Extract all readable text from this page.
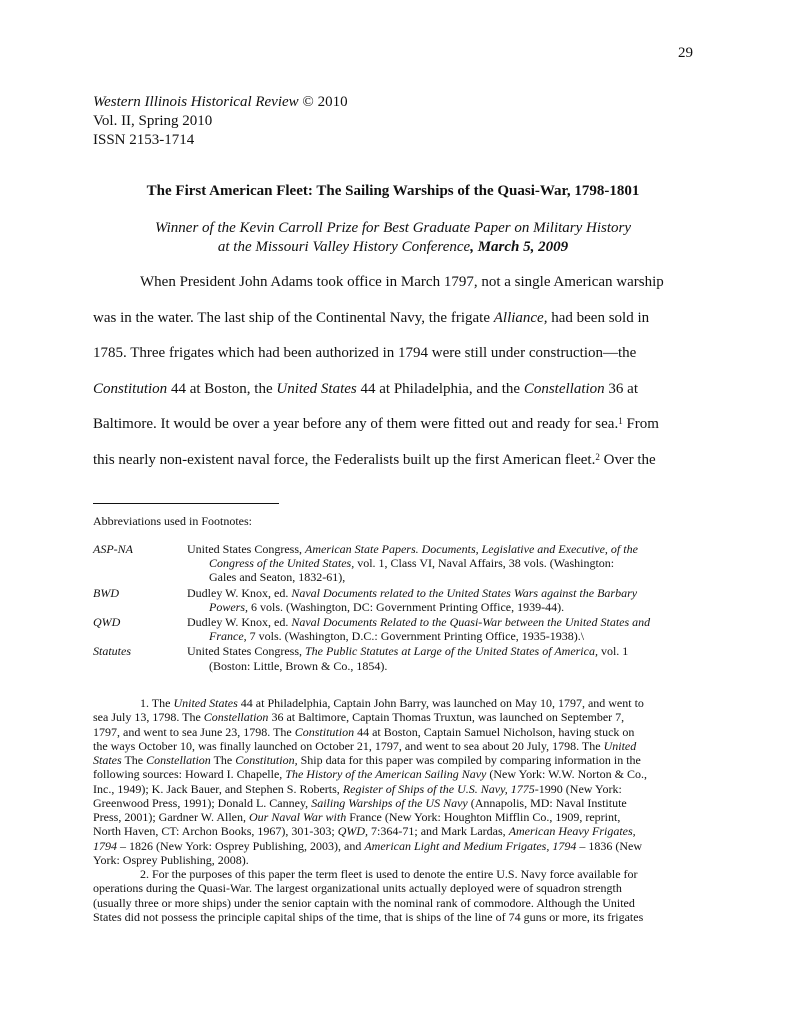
29
Western Illinois Historical Review © 2010
Vol. II, Spring 2010
ISSN 2153-1714
The First American Fleet: The Sailing Warships of the Quasi-War, 1798-1801
Winner of the Kevin Carroll Prize for Best Graduate Paper on Military History
at the Missouri Valley History Conference, March 5, 2009
When President John Adams took office in March 1797, not a single American warship
was in the water. The last ship of the Continental Navy, the frigate Alliance, had been sold in
1785. Three frigates which had been authorized in 1794 were still under construction—the
Constitution 44 at Boston, the United States 44 at Philadelphia, and the Constellation 36 at
Baltimore. It would be over a year before any of them were fitted out and ready for sea.$^1$ From
this nearly non-existent naval force, the Federalists built up the first American fleet.$^2$ Over the
Abbreviations used in Footnotes:
ASP-NA	United States Congress, American State Papers. Documents, Legislative and Executive, of the
Congress of the United States, vol. 1, Class VI, Naval Affairs, 38 vols. (Washington:
Gales and Seaton, 1832-61),
BWD	Dudley W. Knox, ed. Naval Documents related to the United States Wars against the Barbary
Powers, 6 vols. (Washington, DC: Government Printing Office, 1939-44).
QWD	Dudley W. Knox, ed. Naval Documents Related to the Quasi-War between the United States and
France, 7 vols. (Washington, D.C.: Government Printing Office, 1935-1938).\
Statutes	United States Congress, The Public Statutes at Large of the United States of America, vol. 1
(Boston: Little, Brown & Co., 1854).
1. The United States 44 at Philadelphia, Captain John Barry, was launched on May 10, 1797, and went to
sea July 13, 1798. The Constellation 36 at Baltimore, Captain Thomas Truxtun, was launched on September 7,
1797, and went to sea June 23, 1798. The Constitution 44 at Boston, Captain Samuel Nicholson, having stuck on
the ways October 10, was finally launched on October 21, 1797, and went to sea about 20 July, 1798. The United
States The Constellation The Constitution, Ship data for this paper was compiled by comparing information in the
following sources: Howard I. Chapelle, The History of the American Sailing Navy (New York: W.W. Norton & Co.,
Inc., 1949); K. Jack Bauer, and Stephen S. Roberts, Register of Ships of the U.S. Navy, 1775-1990 (New York:
Greenwood Press, 1991); Donald L. Canney, Sailing Warships of the US Navy (Annapolis, MD: Naval Institute
Press, 2001); Gardner W. Allen, Our Naval War with France (New York: Houghton Mifflin Co., 1909, reprint,
North Haven, CT: Archon Books, 1967), 301-303; QWD, 7:364-71; and Mark Lardas, American Heavy Frigates,
1794 – 1826 (New York: Osprey Publishing, 2003), and American Light and Medium Frigates, 1794 – 1836 (New
York: Osprey Publishing, 2008).
2. For the purposes of this paper the term fleet is used to denote the entire U.S. Navy force available for
operations during the Quasi-War. The largest organizational units actually deployed were of squadron strength
(usually three or more ships) under the senior captain with the nominal rank of commodore. Although the United
States did not possess the principle capital ships of the time, that is ships of the line of 74 guns or more, its frigates
